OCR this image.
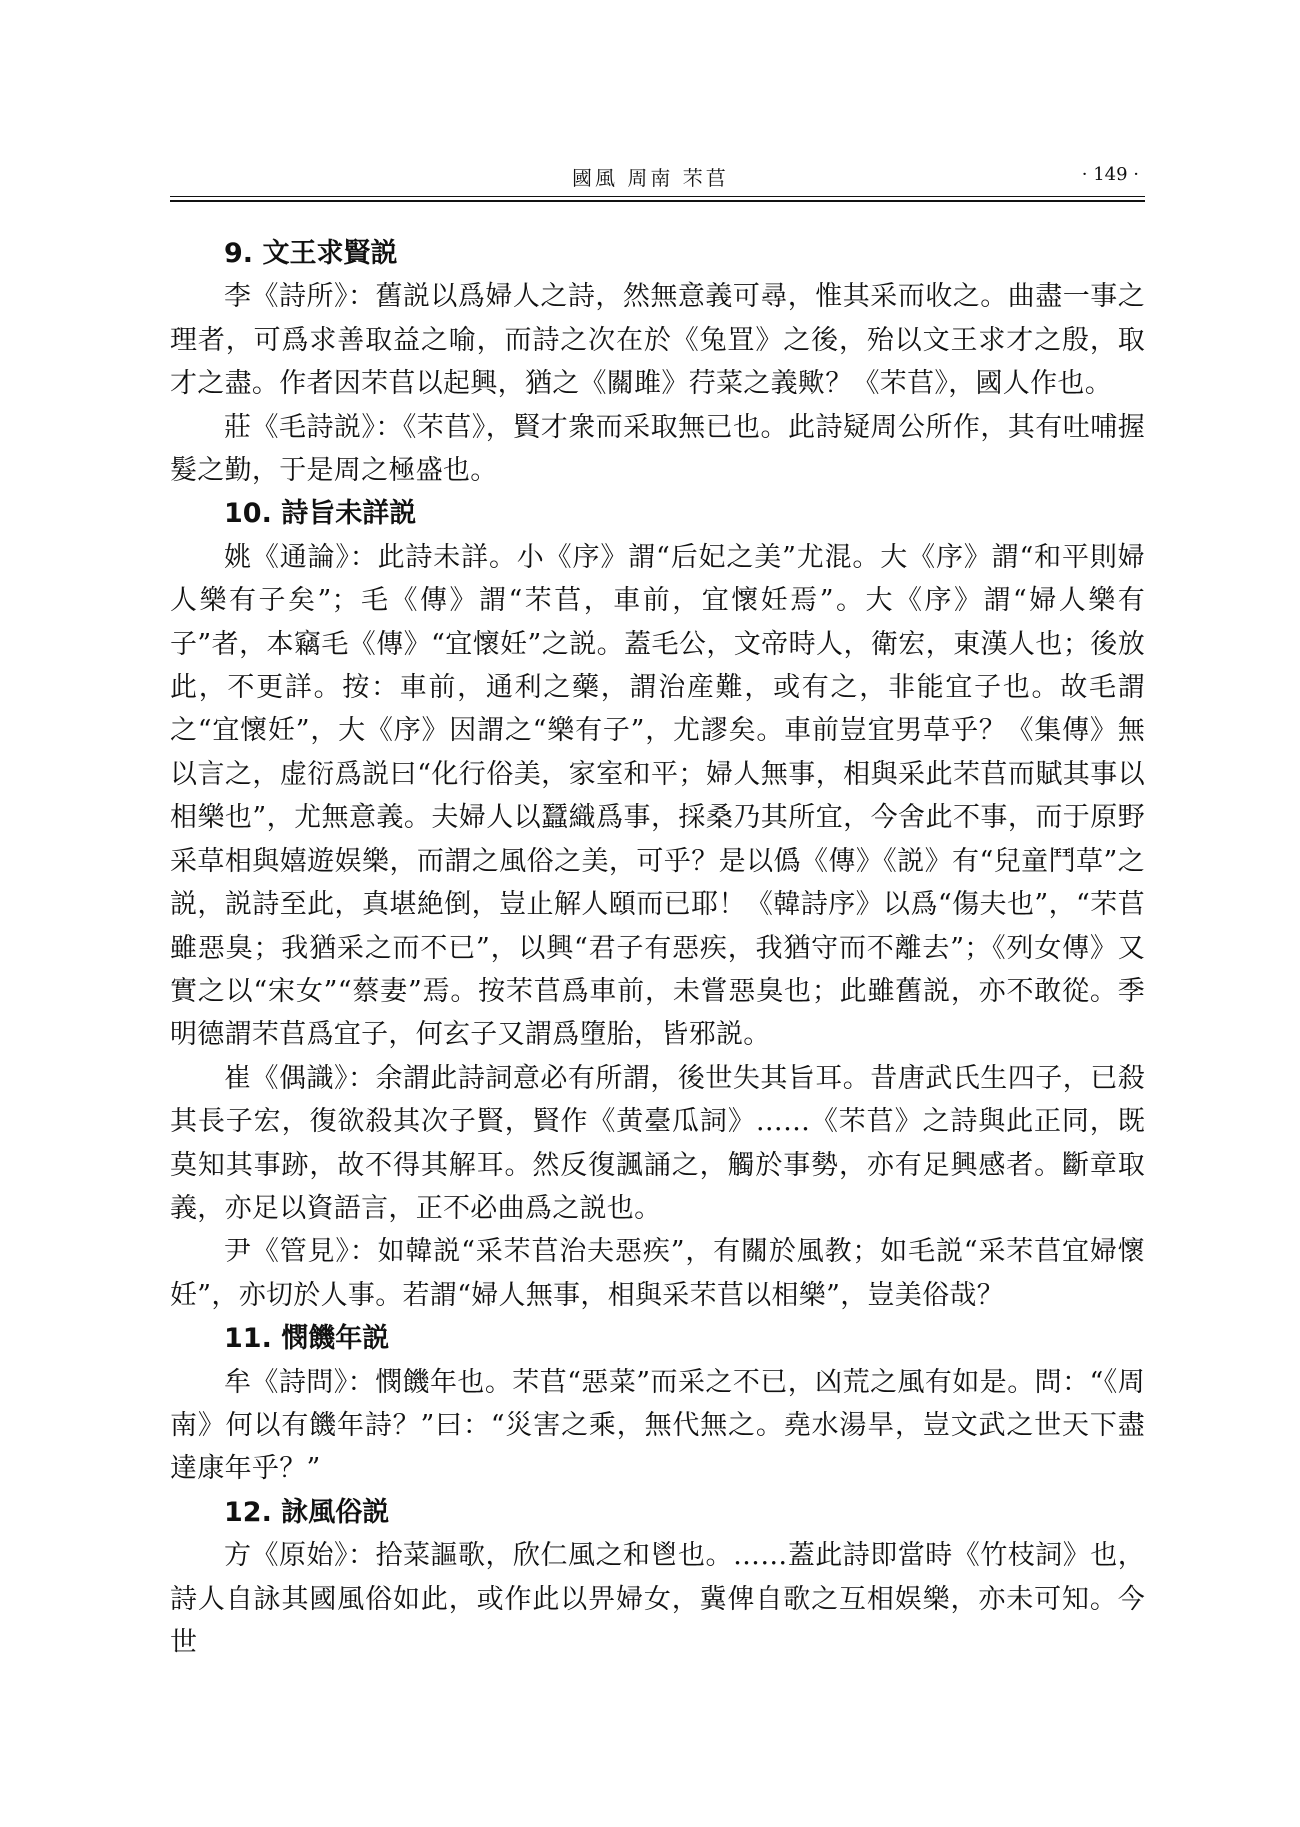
國風 周南 芣苢	· 149 ·
9. 文王求賢説

李《詩所》：舊説以爲婦人之詩，然無意義可尋，惟其采而收之。曲盡一事之理者，可爲求善取益之喻，而詩之次在於《兔罝》之後，殆以文王求才之殷，取才之盡。作者因芣苢以起興，猶之《關雎》荇菜之義歟？《芣苢》，國人作也。

莊《毛詩説》：《芣苢》，賢才衆而采取無已也。此詩疑周公所作，其有吐哺握髮之勤，于是周之極盛也。

10. 詩旨未詳説

姚《通論》：此詩未詳。小《序》謂“后妃之美”尤混。大《序》謂“和平則婦人樂有子矣”；毛《傳》謂“芣苢，車前，宜懷妊焉”。大《序》謂“婦人樂有子”者，本竊毛《傳》“宜懷妊”之説。蓋毛公，文帝時人，衛宏，東漢人也；後放此，不更詳。按：車前，通利之藥，謂治産難，或有之，非能宜子也。故毛謂之“宜懷妊”，大《序》因謂之“樂有子”，尤謬矣。車前豈宜男草乎？《集傳》無以言之，虚衍爲説曰“化行俗美，家室和平；婦人無事，相與采此芣苢而賦其事以相樂也”，尤無意義。夫婦人以蠶織爲事，採桑乃其所宜，今舍此不事，而于原野采草相與嬉遊娱樂，而謂之風俗之美，可乎？是以僞《傳》《説》有“兒童鬥草”之説，説詩至此，真堪絶倒，豈止解人頤而已耶！《韓詩序》以爲“傷夫也”，“芣苢雖惡臭；我猶采之而不已”，以興“君子有惡疾，我猶守而不離去”；《列女傳》又實之以“宋女”“蔡妻”焉。按芣苢爲車前，未嘗惡臭也；此雖舊説，亦不敢從。季明德謂芣苢爲宜子，何玄子又謂爲墮胎，皆邪説。

崔《偶識》：余謂此詩詞意必有所謂，後世失其旨耳。昔唐武氏生四子，已殺其長子宏，復欲殺其次子賢，賢作《黄臺瓜詞》……《芣苢》之詩與此正同，既莫知其事跡，故不得其解耳。然反復諷誦之，觸於事勢，亦有足興感者。斷章取義，亦足以資語言，正不必曲爲之説也。

尹《管見》：如韓説“采芣苢治夫惡疾”，有關於風教；如毛説“采芣苢宜婦懷妊”，亦切於人事。若謂“婦人無事，相與采芣苢以相樂”，豈美俗哉？

11. 憫饑年説

牟《詩問》：憫饑年也。芣苢“惡菜”而采之不已，凶荒之風有如是。問：“《周南》何以有饑年詩？”曰：“災害之乘，無代無之。堯水湯旱，豈文武之世天下盡達康年乎？”

12. 詠風俗説

方《原始》：拾菜謳歌，欣仁風之和鬯也。……蓋此詩即當時《竹枝詞》也，詩人自詠其國風俗如此，或作此以畀婦女，冀俾自歌之互相娱樂，亦未可知。今世
